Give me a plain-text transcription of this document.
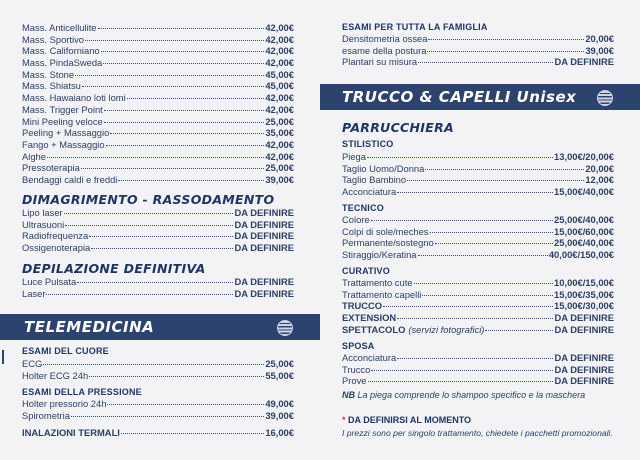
Mass. Anticellulite	42,00€
Mass. Sportivo	42,00€
Mass. Californiano	42,00€
Mass. PindaSweda	42,00€
Mass. Stone	45,00€
Mass. Shiatsu	45,00€
Mass. Hawaiano loti lomi	42,00€
Mass. Trigger Point	42,00€
Mini Peeling veloce	25,00€
Peeling + Massaggio	35,00€
Fango + Massaggio	42,00€
Alghe	42,00€
Pressoterapia	25,00€
Bendaggi caldi e freddi	39,00€
DIMAGRIMENTO - RASSODAMENTO
Lipo laser	DA DEFINIRE
Ultrasuoni	DA DEFINIRE
Radiofrequenza	DA DEFINIRE
Ossigenoterapia	DA DEFINIRE
DEPILAZIONE DEFINITIVA
Luce Pulsata	DA DEFINIRE
Laser	DA DEFINIRE
TELEMEDICINA
ESAMI DEL CUORE
ECG	25,00€
Holter ECG 24h	55,00€
ESAMI DELLA PRESSIONE
Holter pressorio 24h	49,00€
Spirometria	39,00€
INALAZIONI TERMALI	16,00€
ESAMI PER TUTTA LA FAMIGLIA
Densitometria ossea	20,00€
esame della postura	39,00€
Plantari su misura	DA DEFINIRE
TRUCCO & CAPELLI Unisex
PARRUCCHIERA
STILISTICO
Piega	13,00€/20,00€
Taglio Uomo/Donna	20,00€
Taglio Bambino	12,00€
Acconciatura	15,00€/40,00€
TECNICO
Colore	25,00€/40,00€
Colpi di sole/meches	15,00€/60,00€
Permanente/sostegno	25,00€/40,00€
Stiraggio/Keratina	40,00€/150,00€
CURATIVO
Trattamento cute	10,00€/15,00€
Trattamento capelli	15,00€/35,00€
TRUCCO	15,00€/30,00€
EXTENSION	DA DEFINIRE
SPETTACOLO (servizi fotografici)	DA DEFINIRE
SPOSA
Acconciatura	DA DEFINIRE
Trucco	DA DEFINIRE
Prove	DA DEFINIRE
NB La piega comprende lo shampoo specifico e la maschera
* DA DEFINIRSI AL MOMENTO
I prezzi sono per singolo trattamento, chiedete i pacchetti promozionali.
